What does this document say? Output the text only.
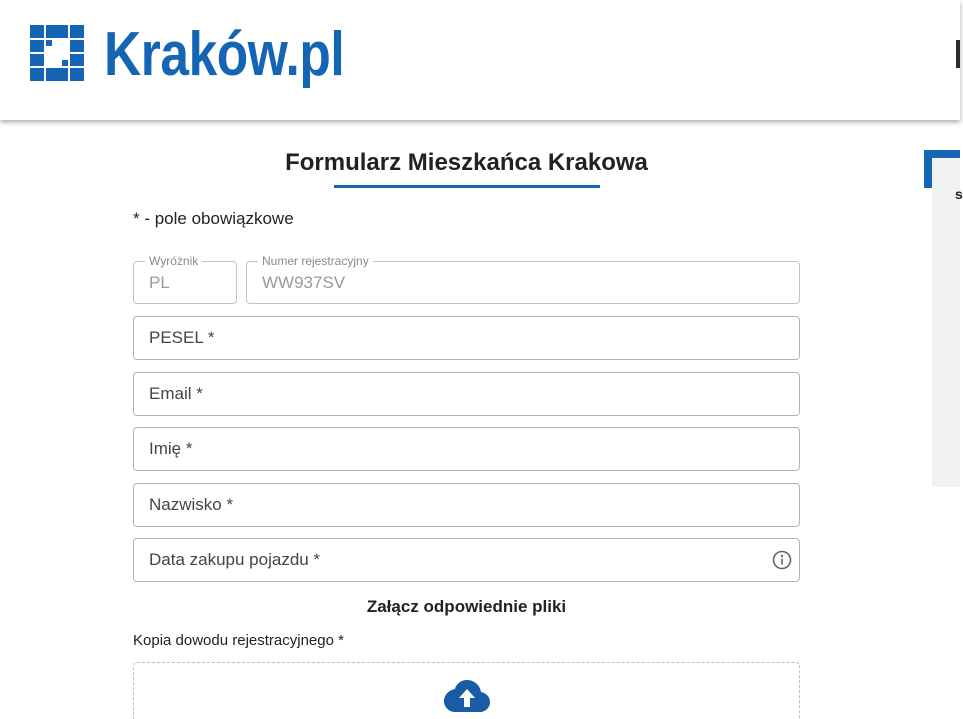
Kraków.pl
Formularz Mieszkańca Krakowa
* - pole obowiązkowe
Wyróżnik
PL
Numer rejestracyjny
WW937SV
PESEL *
Email *
Imię *
Nazwisko *
Data zakupu pojazdu *
Załącz odpowiednie pliki
Kopia dowodu rejestracyjnego *
s
